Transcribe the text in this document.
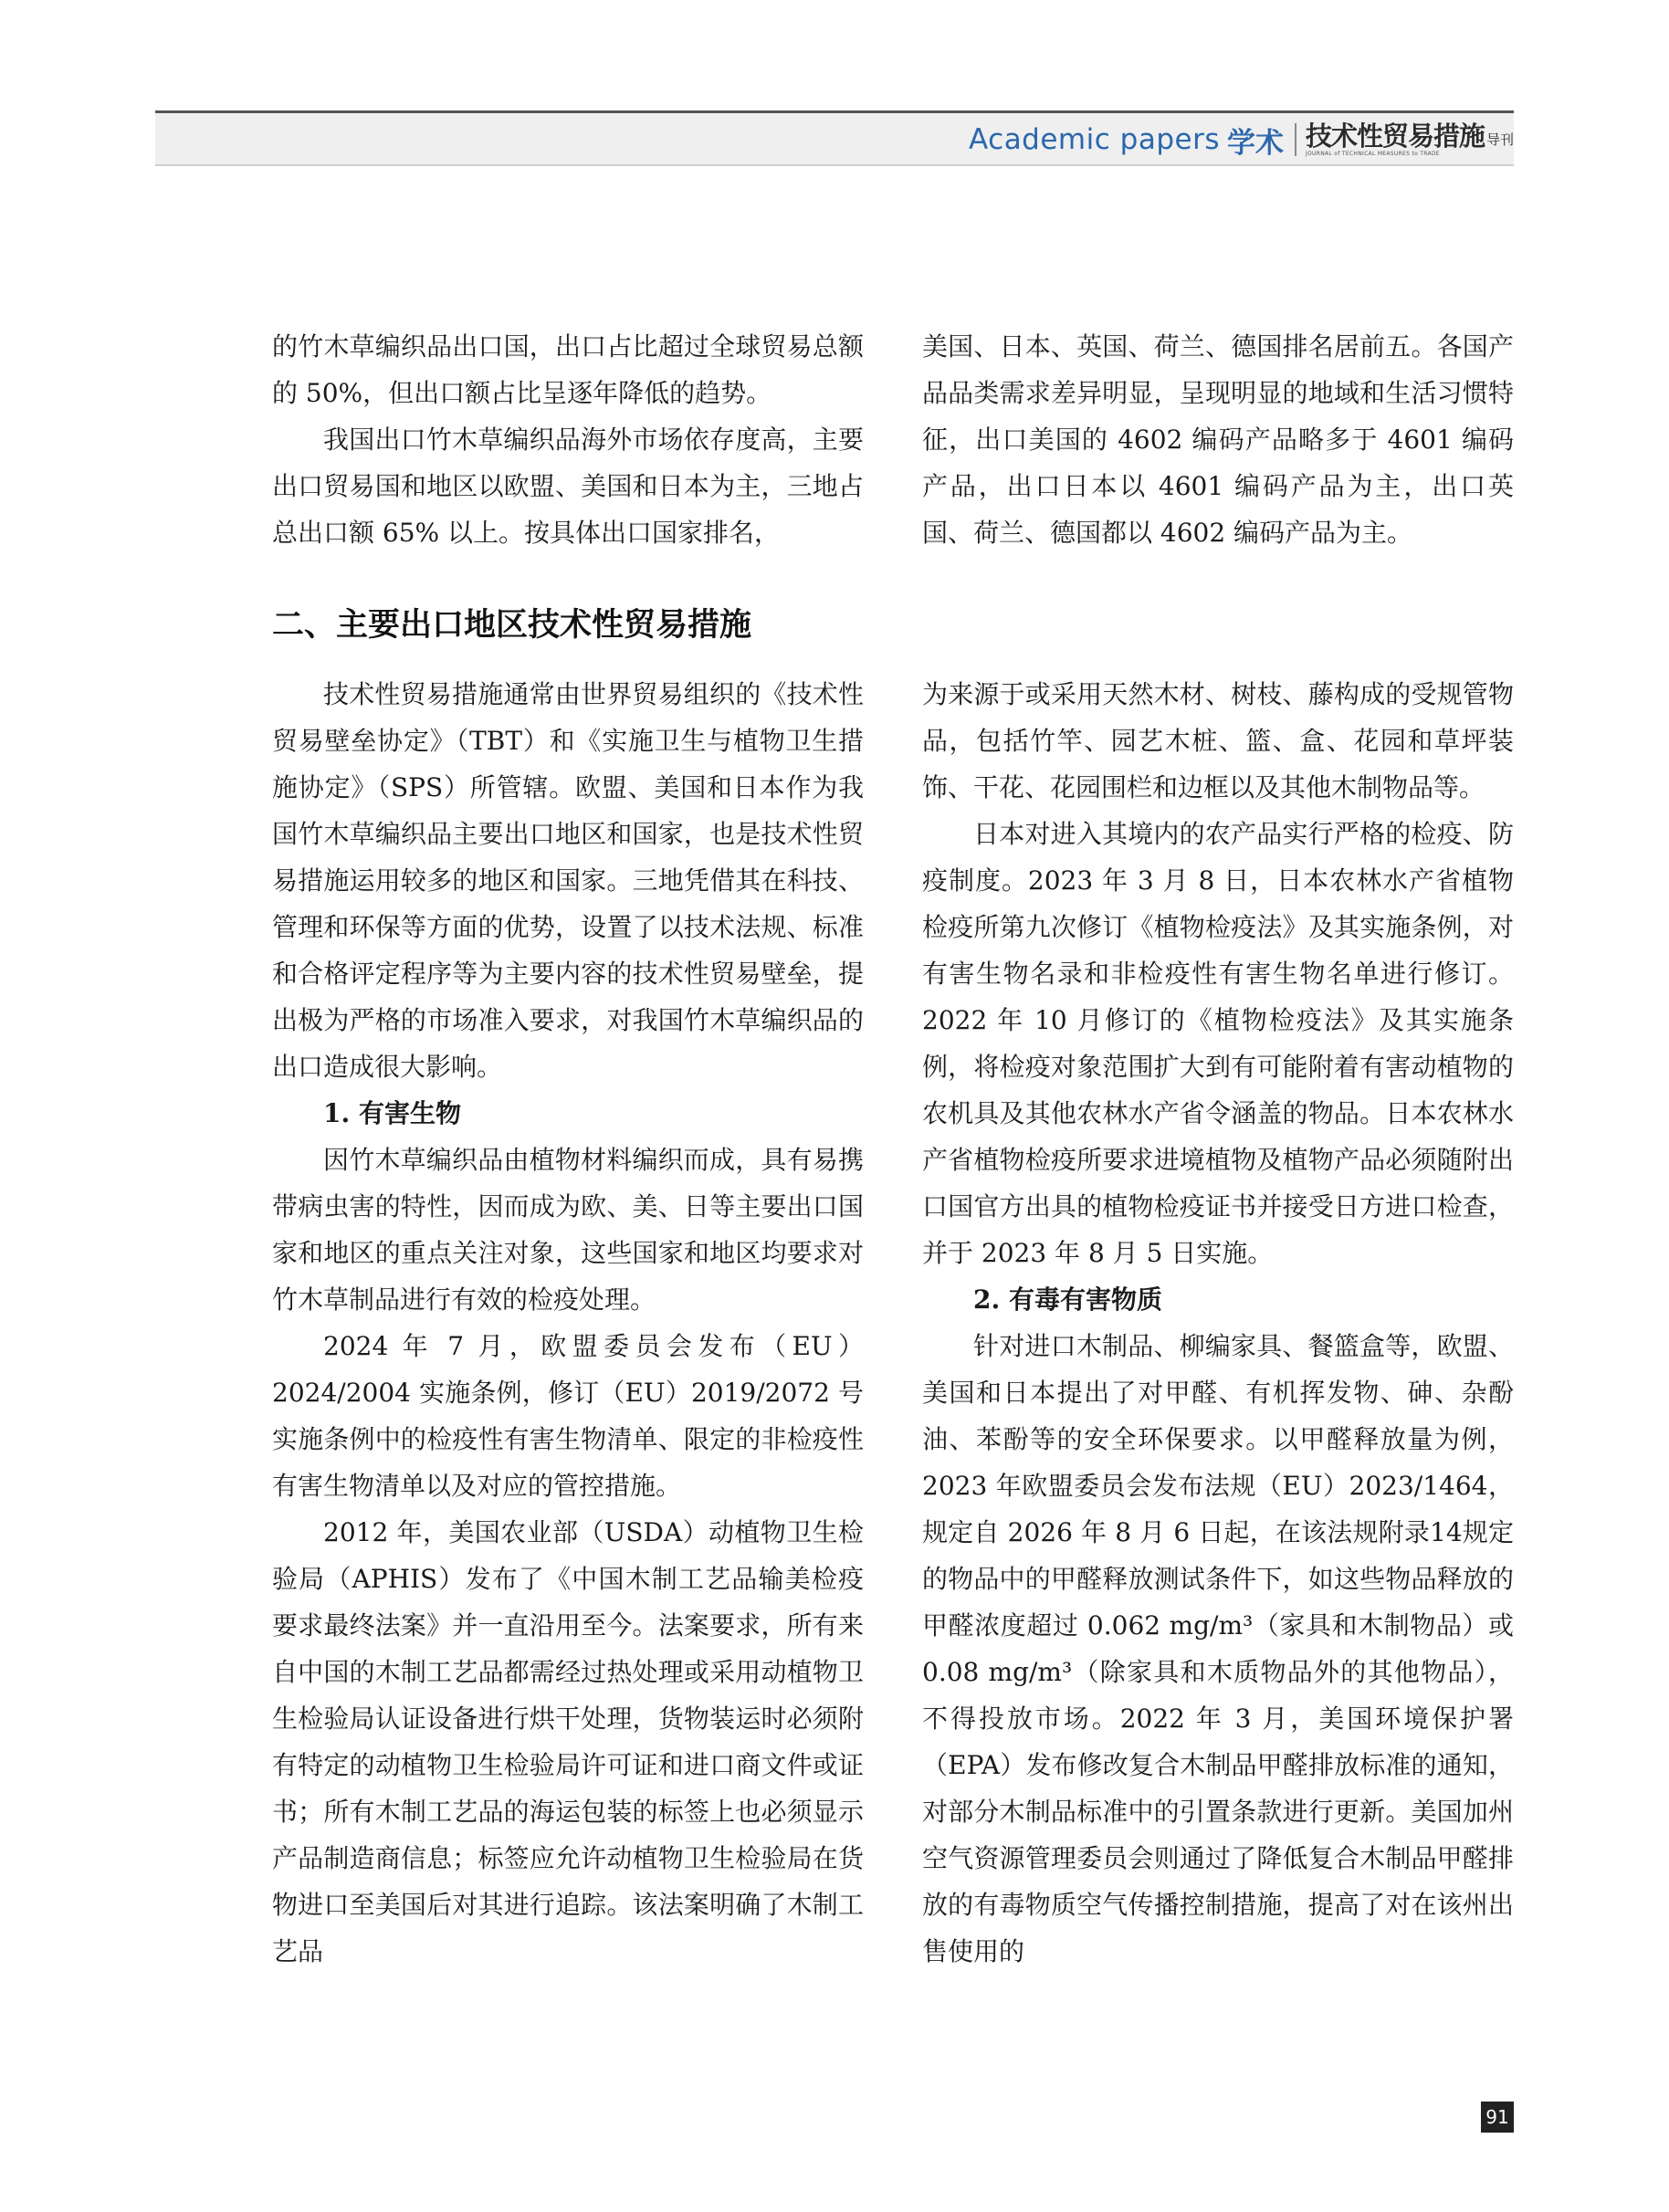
Academic papers 学术 技术性贸易措施 导刊
JOURNAL of TECHNICAL MEASURES to TRADE

的竹木草编织品出口国，出口占比超过全球贸易总额的 50%，但出口额占比呈逐年降低的趋势。

我国出口竹木草编织品海外市场依存度高，主要出口贸易国和地区以欧盟、美国和日本为主，三地占总出口额 65% 以上。按具体出口国家排名，

美国、日本、英国、荷兰、德国排名居前五。各国产品品类需求差异明显，呈现明显的地域和生活习惯特征，出口美国的 4602 编码产品略多于 4601 编码产品，出口日本以 4601 编码产品为主，出口英国、荷兰、德国都以 4602 编码产品为主。

二、主要出口地区技术性贸易措施

技术性贸易措施通常由世界贸易组织的《技术性贸易壁垒协定》（TBT）和《实施卫生与植物卫生措施协定》（SPS）所管辖。欧盟、美国和日本作为我国竹木草编织品主要出口地区和国家，也是技术性贸易措施运用较多的地区和国家。三地凭借其在科技、管理和环保等方面的优势，设置了以技术法规、标准和合格评定程序等为主要内容的技术性贸易壁垒，提出极为严格的市场准入要求，对我国竹木草编织品的出口造成很大影响。

1. 有害生物

因竹木草编织品由植物材料编织而成，具有易携带病虫害的特性，因而成为欧、美、日等主要出口国家和地区的重点关注对象，这些国家和地区均要求对竹木草制品进行有效的检疫处理。

2024 年 7 月，欧盟委员会发布（EU）2024/2004 实施条例，修订（EU）2019/2072 号实施条例中的检疫性有害生物清单、限定的非检疫性有害生物清单以及对应的管控措施。

2012 年，美国农业部（USDA）动植物卫生检验局（APHIS）发布了《中国木制工艺品输美检疫要求最终法案》并一直沿用至今。法案要求，所有来自中国的木制工艺品都需经过热处理或采用动植物卫生检验局认证设备进行烘干处理，货物装运时必须附有特定的动植物卫生检验局许可证和进口商文件或证书；所有木制工艺品的海运包装的标签上也必须显示产品制造商信息；标签应允许动植物卫生检验局在货物进口至美国后对其进行追踪。该法案明确了木制工艺品

为来源于或采用天然木材、树枝、藤构成的受规管物品，包括竹竿、园艺木桩、篮、盒、花园和草坪装饰、干花、花园围栏和边框以及其他木制物品等。

日本对进入其境内的农产品实行严格的检疫、防疫制度。2023 年 3 月 8 日，日本农林水产省植物检疫所第九次修订《植物检疫法》及其实施条例，对有害生物名录和非检疫性有害生物名单进行修订。2022 年 10 月修订的《植物检疫法》及其实施条例，将检疫对象范围扩大到有可能附着有害动植物的农机具及其他农林水产省令涵盖的物品。日本农林水产省植物检疫所要求进境植物及植物产品必须随附出口国官方出具的植物检疫证书并接受日方进口检查，并于 2023 年 8 月 5 日实施。

2. 有毒有害物质

针对进口木制品、柳编家具、餐篮盒等，欧盟、美国和日本提出了对甲醛、有机挥发物、砷、杂酚油、苯酚等的安全环保要求。以甲醛释放量为例，2023 年欧盟委员会发布法规（EU）2023/1464，规定自 2026 年 8 月 6 日起，在该法规附录14规定的物品中的甲醛释放测试条件下，如这些物品释放的甲醛浓度超过 0.062 mg/m³（家具和木制物品）或 0.08 mg/m³（除家具和木质物品外的其他物品），不得投放市场。2022 年 3 月，美国环境保护署（EPA）发布修改复合木制品甲醛排放标准的通知，对部分木制品标准中的引置条款进行更新。美国加州空气资源管理委员会则通过了降低复合木制品甲醛排放的有毒物质空气传播控制措施，提高了对在该州出售使用的

91
